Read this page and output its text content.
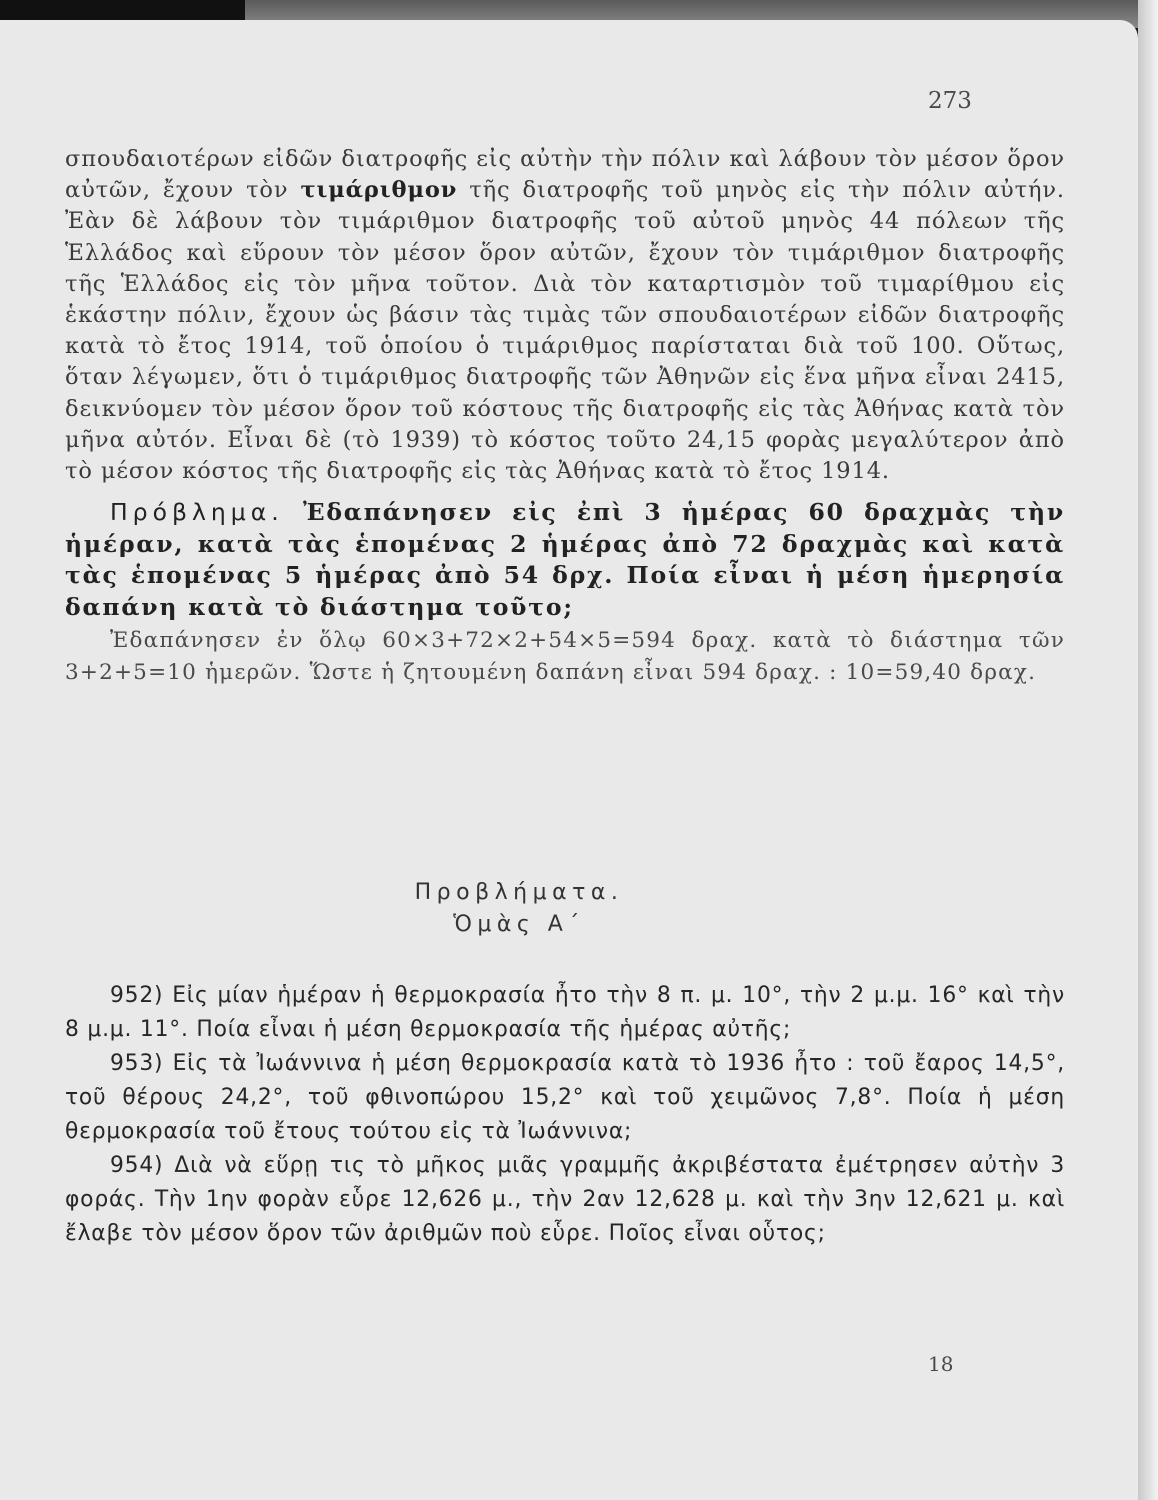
273

σπουδαιοτέρων εἰδῶν διατροφῆς εἰς αὐτὴν τὴν πόλιν καὶ λάβουν τὸν μέσον ὅρον αὐτῶν, ἔχουν τὸν τιμάριθμον τῆς διατροφῆς τοῦ μηνὸς εἰς τὴν πόλιν αὐτήν. Ἐὰν δὲ λάβουν τὸν τιμάριθμον διατροφῆς τοῦ αὐτοῦ μηνὸς 44 πόλεων τῆς Ἑλλάδος καὶ εὕρουν τὸν μέσον ὅρον αὐτῶν, ἔχουν τὸν τιμάριθμον διατροφῆς τῆς Ἑλλάδος εἰς τὸν μῆνα τοῦτον. Διὰ τὸν καταρτισμὸν τοῦ τιμαρίθμου εἰς ἑκάστην πόλιν, ἔχουν ὡς βάσιν τὰς τιμὰς τῶν σπουδαιοτέρων εἰδῶν διατροφῆς κατὰ τὸ ἔτος 1914, τοῦ ὁποίου ὁ τιμάριθμος παρίσταται διὰ τοῦ 100. Οὕτως, ὅταν λέγωμεν, ὅτι ὁ τιμάριθμος διατροφῆς τῶν Ἀθηνῶν εἰς ἕνα μῆνα εἶναι 2415, δεικνύομεν τὸν μέσον ὅρον τοῦ κόστους τῆς διατροφῆς εἰς τὰς Ἀθήνας κατὰ τὸν μῆνα αὐτόν. Εἶναι δὲ (τὸ 1939) τὸ κόστος τοῦτο 24,15 φορὰς μεγαλύτερον ἀπὸ τὸ μέσον κόστος τῆς διατροφῆς εἰς τὰς Ἀθήνας κατὰ τὸ ἔτος 1914.

Πρόβλημα. Ἐδαπάνησεν εἰς ἐπὶ 3 ἡμέρας 60 δραχμὰς τὴν ἡμέραν, κατὰ τὰς ἑπομένας 2 ἡμέρας ἀπὸ 72 δραχμὰς καὶ κατὰ τὰς ἑπομένας 5 ἡμέρας ἀπὸ 54 δρχ. Ποία εἶναι ἡ μέση ἡμερησία δαπάνη κατὰ τὸ διάστημα τοῦτο;

Ἐδαπάνησεν ἐν ὅλῳ 60×3+72×2+54×5=594 δραχ. κατὰ τὸ διάστημα τῶν 3+2+5=10 ἡμερῶν. Ὥστε ἡ ζητουμένη δαπάνη εἶναι 594 δραχ. : 10=59,40 δραχ.

Προβλήματα.
Ὁμὰς Α΄

952) Εἰς μίαν ἡμέραν ἡ θερμοκρασία ἦτο τὴν 8 π. μ. 10°, τὴν 2 μ.μ. 16° καὶ τὴν 8 μ.μ. 11°. Ποία εἶναι ἡ μέση θερμοκρασία τῆς ἡμέρας αὐτῆς;

953) Εἰς τὰ Ἰωάννινα ἡ μέση θερμοκρασία κατὰ τὸ 1936 ἦτο : τοῦ ἔαρος 14,5°, τοῦ θέρους 24,2°, τοῦ φθινοπώρου 15,2° καὶ τοῦ χειμῶνος 7,8°. Ποία ἡ μέση θερμοκρασία τοῦ ἔτους τούτου εἰς τὰ Ἰωάννινα;

954) Διὰ νὰ εὕρῃ τις τὸ μῆκος μιᾶς γραμμῆς ἀκριβέστατα ἐμέτρησεν αὐτὴν 3 φοράς. Τὴν 1ην φορὰν εὗρε 12,626 μ., τὴν 2αν 12,628 μ. καὶ τὴν 3ην 12,621 μ. καὶ ἔλαβε τὸν μέσον ὅρον τῶν ἀριθμῶν ποὺ εὗρε. Ποῖος εἶναι οὗτος;

18
